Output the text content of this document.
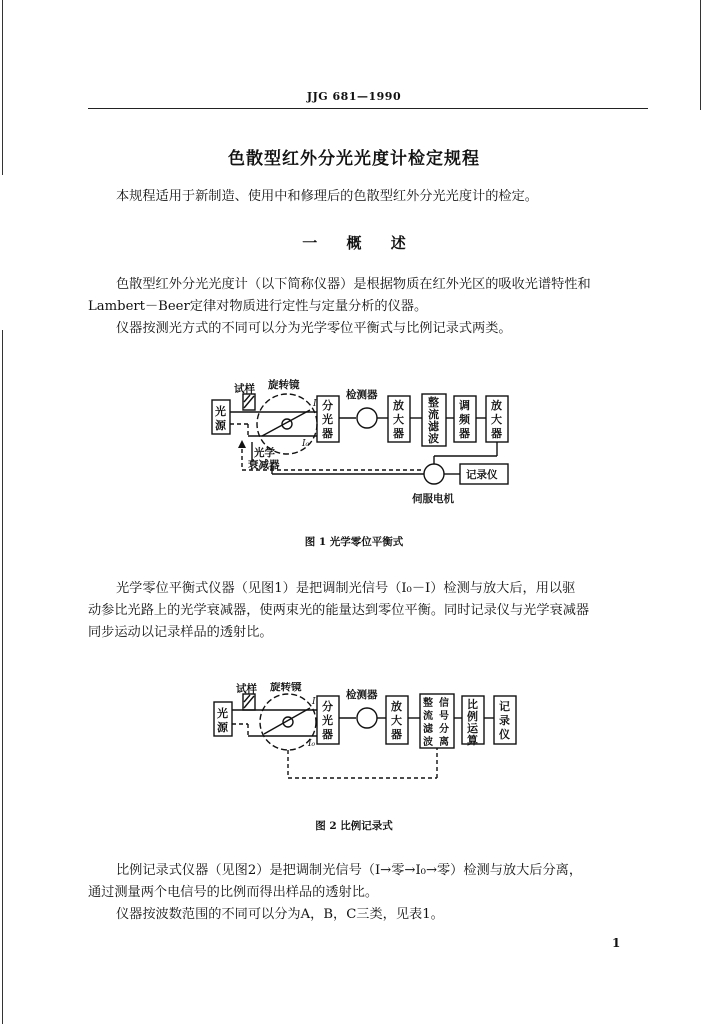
JJG 681—1990
色散型红外分光光度计检定规程
本规程适用于新制造、使用中和修理后的色散型红外分光光度计的检定。
一 概 述
色散型红外分光光度计（以下简称仪器）是根据物质在红外光区的吸收光谱特性和
Lambert－Beer定律对物质进行定性与定量分析的仪器。
仪器按测光方式的不同可以分为光学零位平衡式与比例记录式两类。
试样 旋转镜
I
I₀
光
源
分
光
器
检测器
放
大
器
整
流
滤
波
调
频
器
放
大
器
光学
衰减器
记录仪
伺服电机
图 1 光学零位平衡式
光学零位平衡式仪器（见图1）是把调制光信号（I₀－I）检测与放大后，用以驱
动参比光路上的光学衰减器，使两束光的能量达到零位平衡。同时记录仪与光学衰减器
同步运动以记录样品的透射比。
试样 旋转镜
I
I₀
光
源
分
光
器
检测器
放
大
器
整
流
滤
波
信
号
分
离
比
例
运
算
记
录
仪
图 2 比例记录式
比例记录式仪器（见图2）是把调制光信号（I→零→I₀→零）检测与放大后分离，
通过测量两个电信号的比例而得出样品的透射比。
仪器按波数范围的不同可以分为A，B，C三类，见表1。
1
